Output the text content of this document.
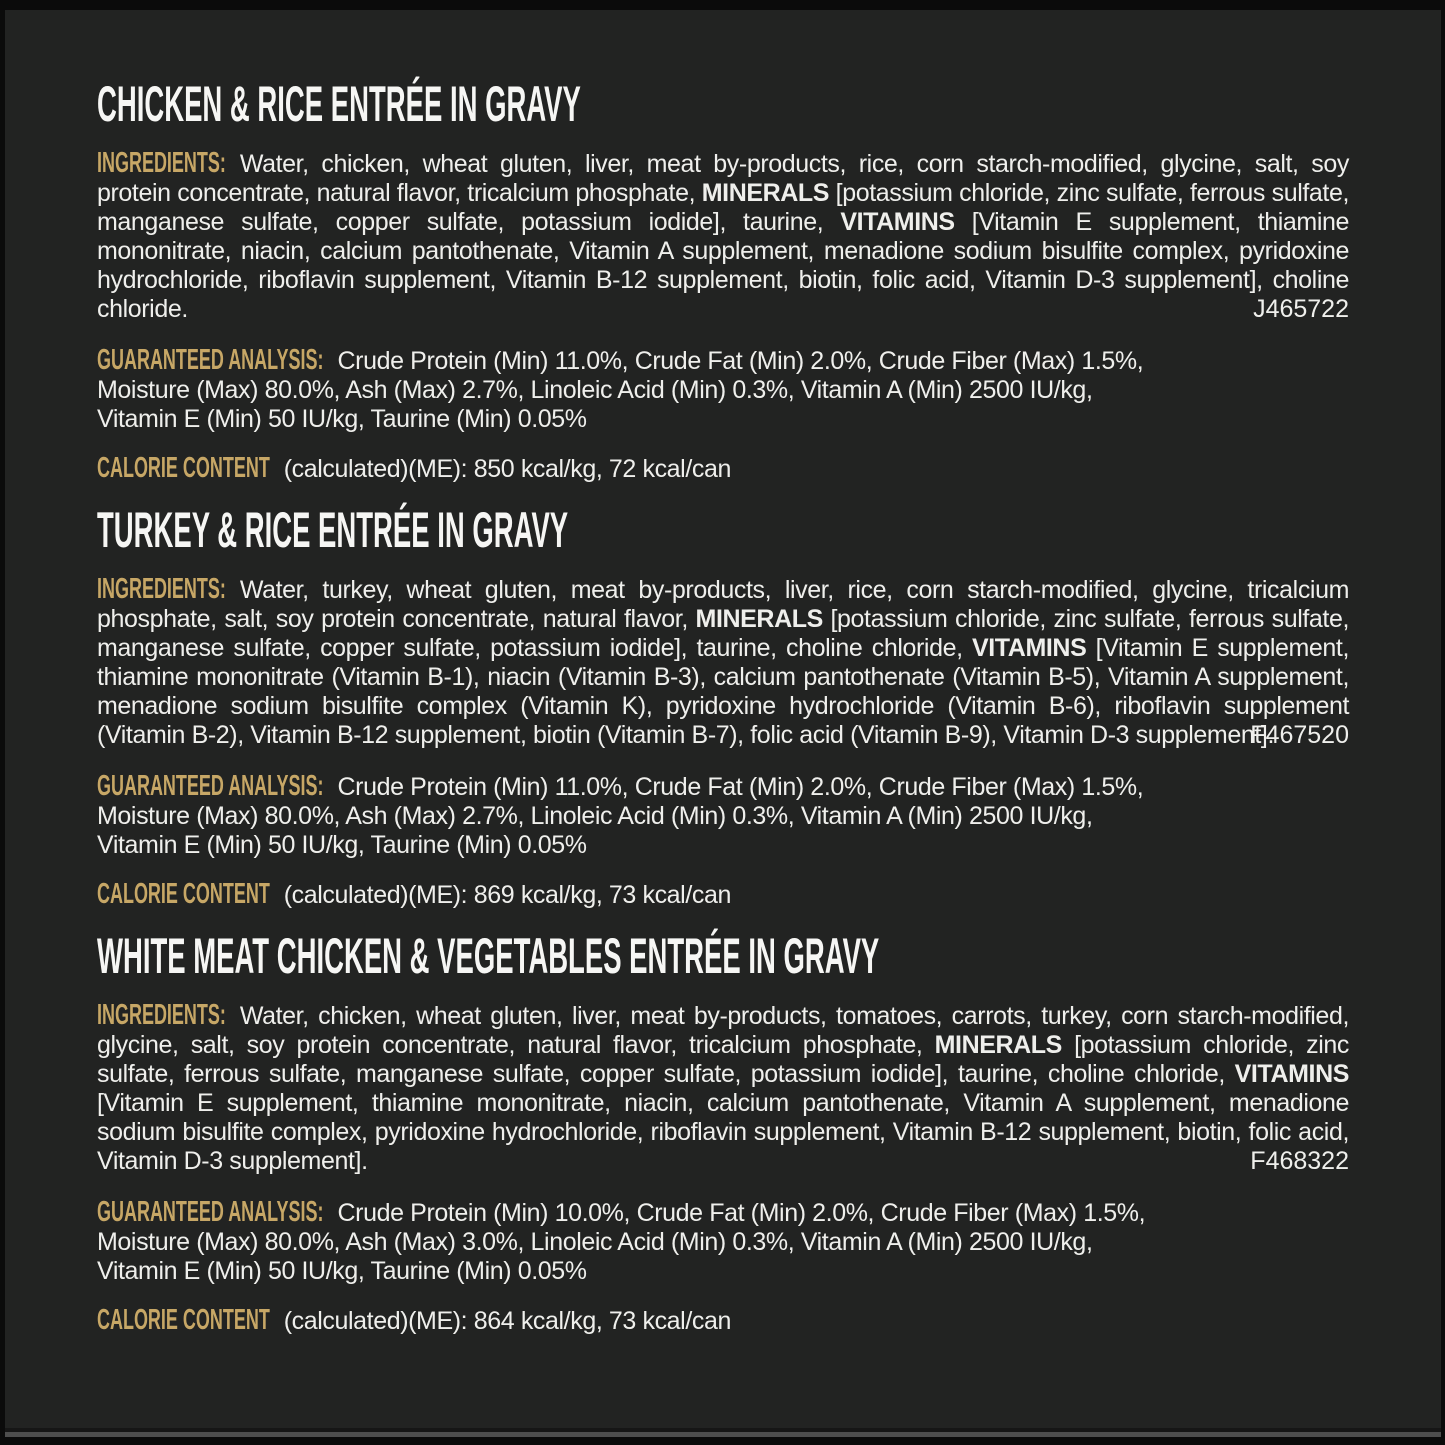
CHICKEN & RICE ENTRÉE IN GRAVY

INGREDIENTS: Water, chicken, wheat gluten, liver, meat by-products, rice, corn starch-modified, glycine, salt, soy protein concentrate, natural flavor, tricalcium phosphate, MINERALS [potassium chloride, zinc sulfate, ferrous sulfate, manganese sulfate, copper sulfate, potassium iodide], taurine, VITAMINS [Vitamin E supplement, thiamine mononitrate, niacin, calcium pantothenate, Vitamin A supplement, menadione sodium bisulfite complex, pyridoxine hydrochloride, riboflavin supplement, Vitamin B-12 supplement, biotin, folic acid, Vitamin D-3 supplement], choline chloride.	J465722

GUARANTEED ANALYSIS: Crude Protein (Min) 11.0%, Crude Fat (Min) 2.0%, Crude Fiber (Max) 1.5%,
Moisture (Max) 80.0%, Ash (Max) 2.7%, Linoleic Acid (Min) 0.3%, Vitamin A (Min) 2500 IU/kg,
Vitamin E (Min) 50 IU/kg, Taurine (Min) 0.05%

CALORIE CONTENT (calculated)(ME): 850 kcal/kg, 72 kcal/can

TURKEY & RICE ENTRÉE IN GRAVY

INGREDIENTS: Water, turkey, wheat gluten, meat by-products, liver, rice, corn starch-modified, glycine, tricalcium phosphate, salt, soy protein concentrate, natural flavor, MINERALS [potassium chloride, zinc sulfate, ferrous sulfate, manganese sulfate, copper sulfate, potassium iodide], taurine, choline chloride, VITAMINS [Vitamin E supplement, thiamine mononitrate (Vitamin B-1), niacin (Vitamin B-3), calcium pantothenate (Vitamin B-5), Vitamin A supplement, menadione sodium bisulfite complex (Vitamin K), pyridoxine hydrochloride (Vitamin B-6), riboflavin supplement (Vitamin B-2), Vitamin B-12 supplement, biotin (Vitamin B-7), folic acid (Vitamin B-9), Vitamin D-3 supplement].
F467520

GUARANTEED ANALYSIS: Crude Protein (Min) 11.0%, Crude Fat (Min) 2.0%, Crude Fiber (Max) 1.5%,
Moisture (Max) 80.0%, Ash (Max) 2.7%, Linoleic Acid (Min) 0.3%, Vitamin A (Min) 2500 IU/kg,
Vitamin E (Min) 50 IU/kg, Taurine (Min) 0.05%

CALORIE CONTENT (calculated)(ME): 869 kcal/kg, 73 kcal/can

WHITE MEAT CHICKEN & VEGETABLES ENTRÉE IN GRAVY

INGREDIENTS: Water, chicken, wheat gluten, liver, meat by-products, tomatoes, carrots, turkey, corn starch-modified, glycine, salt, soy protein concentrate, natural flavor, tricalcium phosphate, MINERALS [potassium chloride, zinc sulfate, ferrous sulfate, manganese sulfate, copper sulfate, potassium iodide], taurine, choline chloride, VITAMINS [Vitamin E supplement, thiamine mononitrate, niacin, calcium pantothenate, Vitamin A supplement, menadione sodium bisulfite complex, pyridoxine hydrochloride, riboflavin supplement, Vitamin B-12 supplement, biotin, folic acid, Vitamin D-3 supplement].	F468322

GUARANTEED ANALYSIS: Crude Protein (Min) 10.0%, Crude Fat (Min) 2.0%, Crude Fiber (Max) 1.5%,
Moisture (Max) 80.0%, Ash (Max) 3.0%, Linoleic Acid (Min) 0.3%, Vitamin A (Min) 2500 IU/kg,
Vitamin E (Min) 50 IU/kg, Taurine (Min) 0.05%

CALORIE CONTENT (calculated)(ME): 864 kcal/kg, 73 kcal/can
